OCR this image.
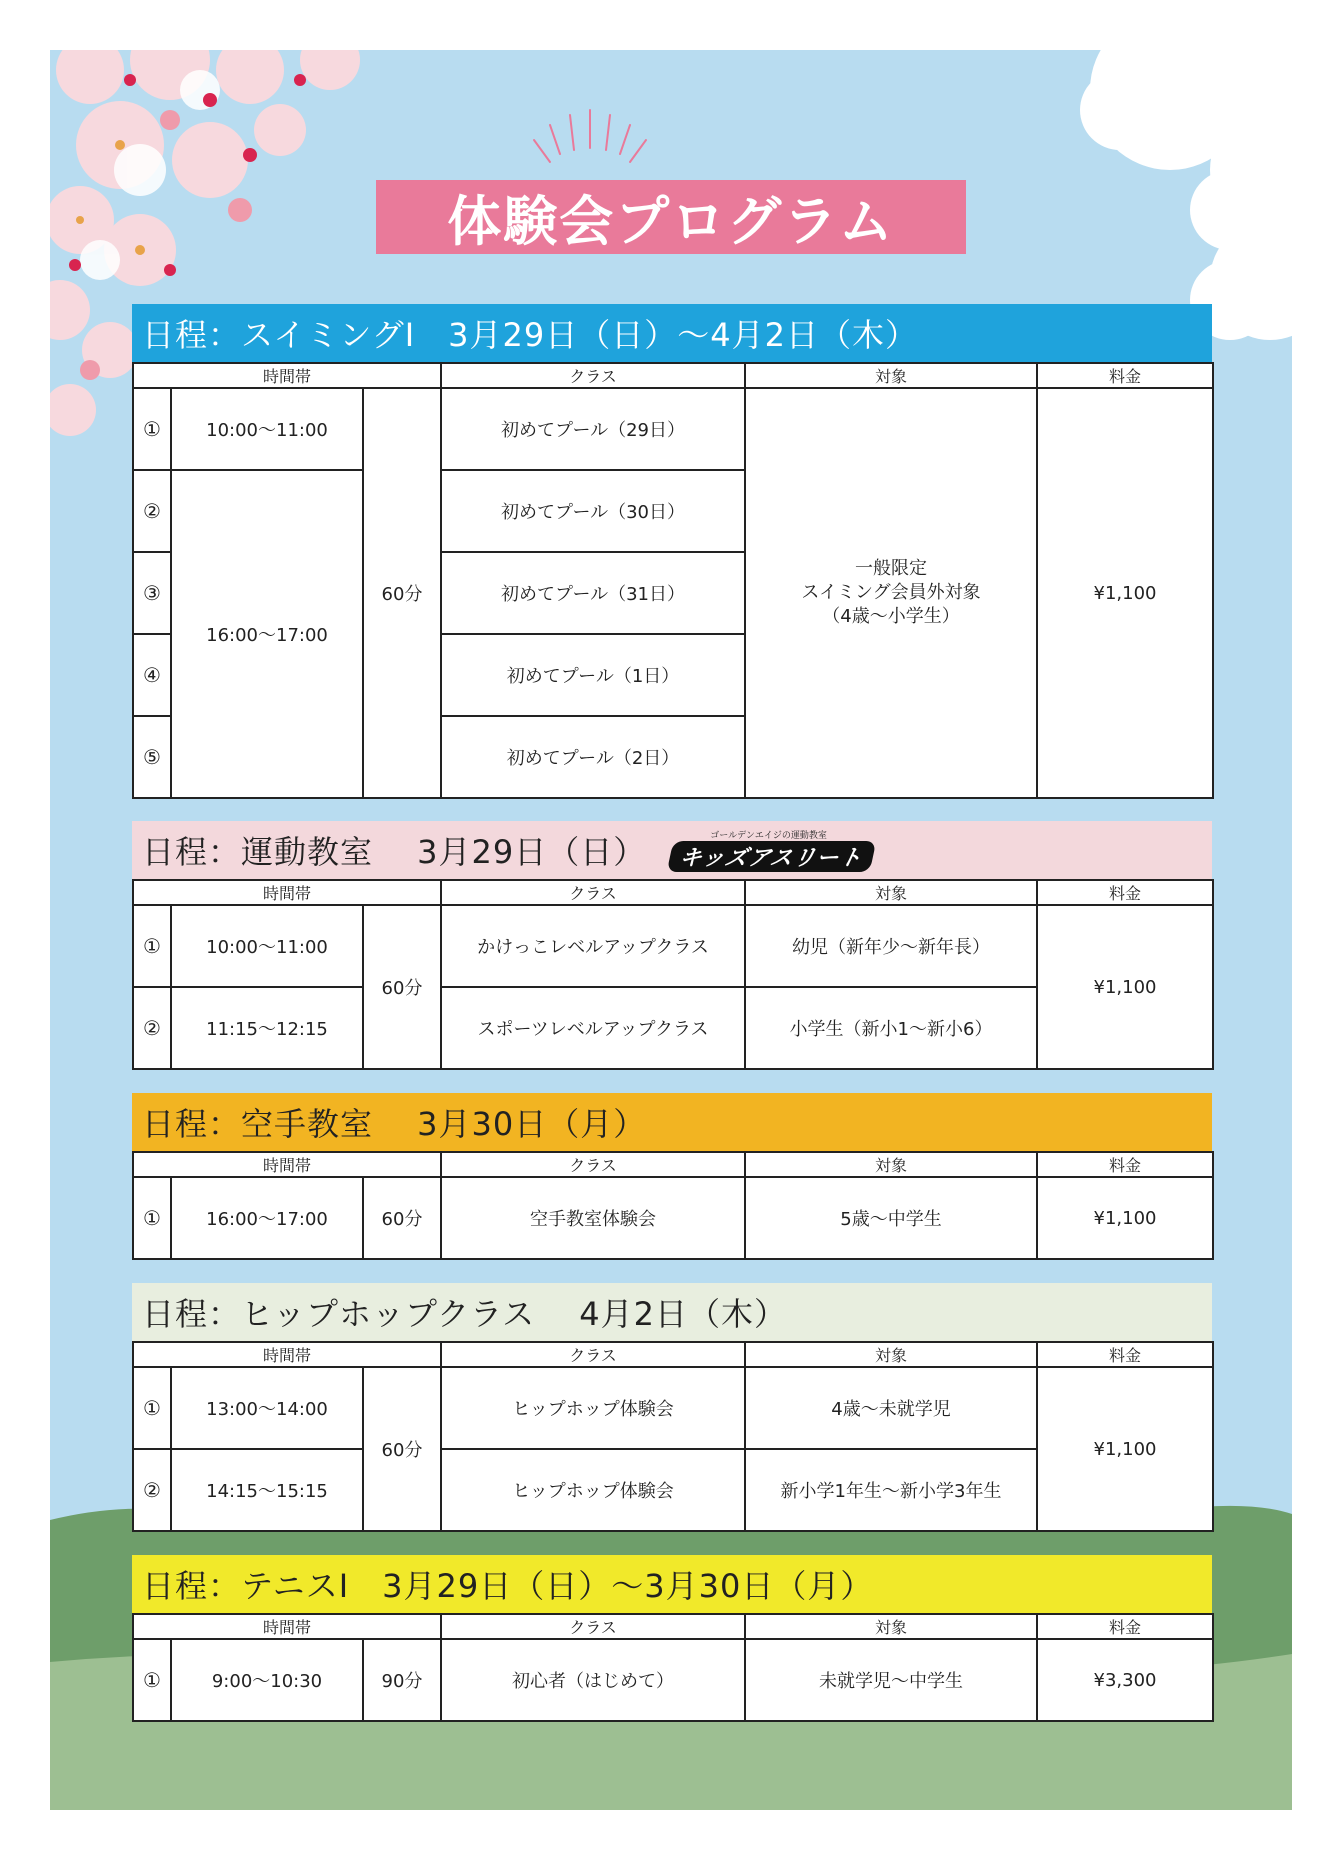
体験会プログラム
日程：スイミングⅠ　3月29日（日）～4月2日（木）
時間帯			クラス	対象	料金
①	10:00～11:00	60分	初めてプール（29日）	一般限定
スイミング会員外対象
（4歳～小学生）	¥1,100
②	16:00～17:00		初めてプール（30日）		
③			初めてプール（31日）		
④			初めてプール（1日）		
⑤			初めてプール（2日）		
日程：運動教室　 3月29日（日）	ゴールデンエイジの運動教室
キッズアスリート
時間帯			クラス	対象	料金
①	10:00～11:00	60分	かけっこレベルアップクラス	幼児（新年少～新年長）	¥1,100
②	11:15～12:15		スポーツレベルアップクラス	小学生（新小1～新小6）	
日程：空手教室　 3月30日（月）
時間帯			クラス	対象	料金
①	16:00～17:00	60分	空手教室体験会	5歳～中学生	¥1,100
日程：ヒップホップクラス　 4月2日（木）
時間帯			クラス	対象	料金
①	13:00～14:00	60分	ヒップホップ体験会	4歳～未就学児	¥1,100
②	14:15～15:15		ヒップホップ体験会	新小学1年生～新小学3年生	
日程：テニスⅠ　3月29日（日）～3月30日（月）
時間帯			クラス	対象	料金
①	9:00～10:30	90分	初心者（はじめて）	未就学児～中学生	¥3,300
